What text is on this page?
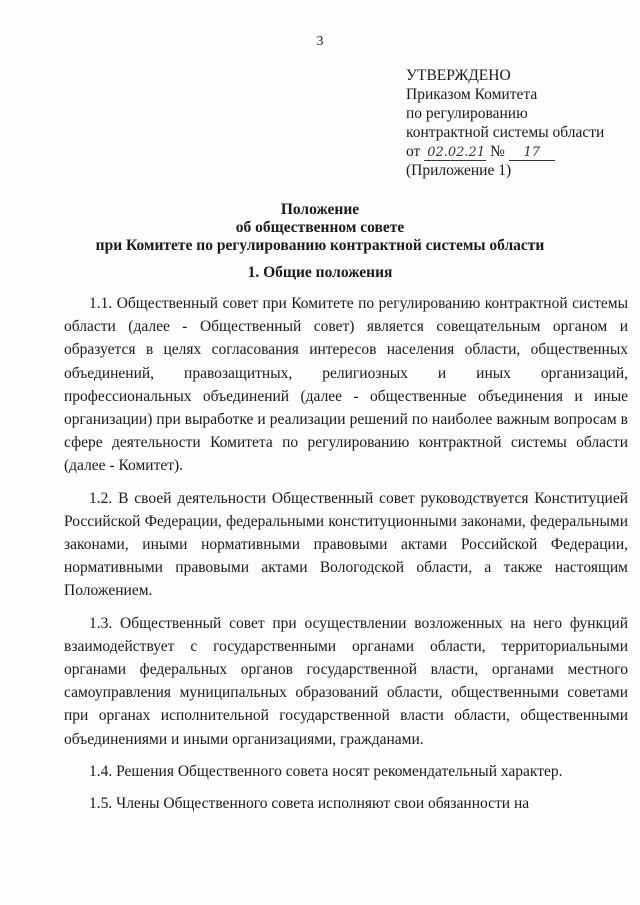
3
УТВЕРЖДЕНО
Приказом Комитета
по регулированию
контрактной системы области
от 02.02.21 № 17
(Приложение 1)
Положение
об общественном совете
при Комитете по регулированию контрактной системы области
1. Общие положения

1.1. Общественный совет при Комитете по регулированию контрактной системы области (далее - Общественный совет) является совещательным органом и образуется в целях согласования интересов населения области, общественных объединений, правозащитных, религиозных и иных организаций, профессиональных объединений (далее - общественные объединения и иные организации) при выработке и реализации решений по наиболее важным вопросам в сфере деятельности Комитета по регулированию контрактной системы области (далее - Комитет).

1.2. В своей деятельности Общественный совет руководствуется Конституцией Российской Федерации, федеральными конституционными законами, федеральными законами, иными нормативными правовыми актами Российской Федерации, нормативными правовыми актами Вологодской области, а также настоящим Положением.

1.3. Общественный совет при осуществлении возложенных на него функций взаимодействует с государственными органами области, территориальными органами федеральных органов государственной власти, органами местного самоуправления муниципальных образований области, общественными советами при органах исполнительной государственной власти области, общественными объединениями и иными организациями, гражданами.

1.4. Решения Общественного совета носят рекомендательный характер.

1.5. Члены Общественного совета исполняют свои обязанности на
